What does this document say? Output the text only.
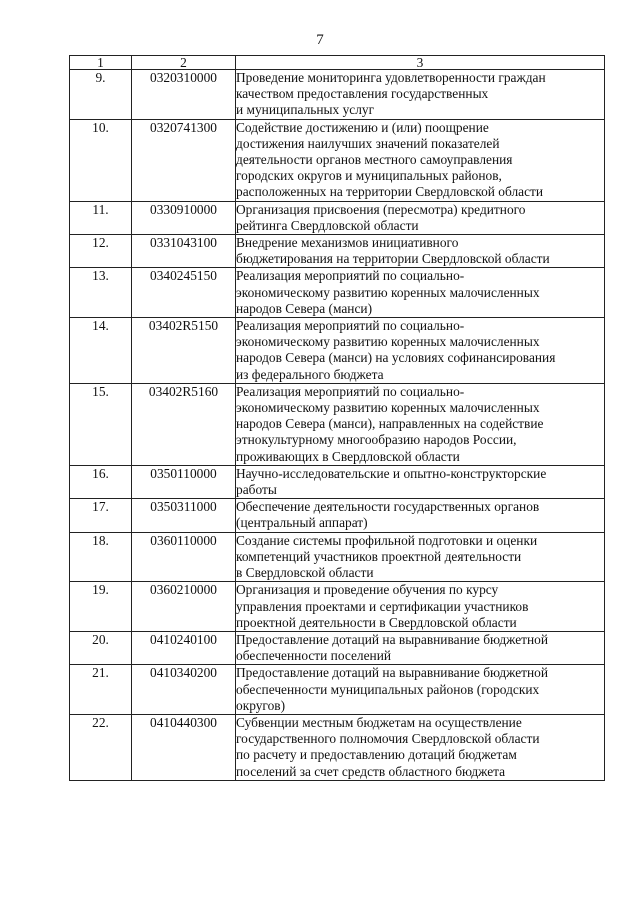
7
1	2	3
9.	0320310000	Проведение мониторинга удовлетворенности граждан
качеством предоставления государственных
и муниципальных услуг

10.	0320741300	Содействие достижению и (или) поощрение
достижения наилучших значений показателей
деятельности органов местного самоуправления
городских округов и муниципальных районов,
расположенных на территории Свердловской области

11.	0330910000	Организация присвоения (пересмотра) кредитного
рейтинга Свердловской области

12.	0331043100	Внедрение механизмов инициативного
бюджетирования на территории Свердловской области

13.	0340245150	Реализация мероприятий по социально-
экономическому развитию коренных малочисленных
народов Севера (манси)

14.	03402R5150	Реализация мероприятий по социально-
экономическому развитию коренных малочисленных
народов Севера (манси) на условиях софинансирования
из федерального бюджета

15.	03402R5160	Реализация мероприятий по социально-
экономическому развитию коренных малочисленных
народов Севера (манси), направленных на содействие
этнокультурному многообразию народов России,
проживающих в Свердловской области

16.	0350110000	Научно-исследовательские и опытно-конструкторские
работы

17.	0350311000	Обеспечение деятельности государственных органов
(центральный аппарат)

18.	0360110000	Создание системы профильной подготовки и оценки
компетенций участников проектной деятельности
в Свердловской области

19.	0360210000	Организация и проведение обучения по курсу
управления проектами и сертификации участников
проектной деятельности в Свердловской области

20.	0410240100	Предоставление дотаций на выравнивание бюджетной
обеспеченности поселений

21.	0410340200	Предоставление дотаций на выравнивание бюджетной
обеспеченности муниципальных районов (городских
округов)

22.	0410440300	Субвенции местным бюджетам на осуществление
государственного полномочия Свердловской области
по расчету и предоставлению дотаций бюджетам
поселений за счет средств областного бюджета
